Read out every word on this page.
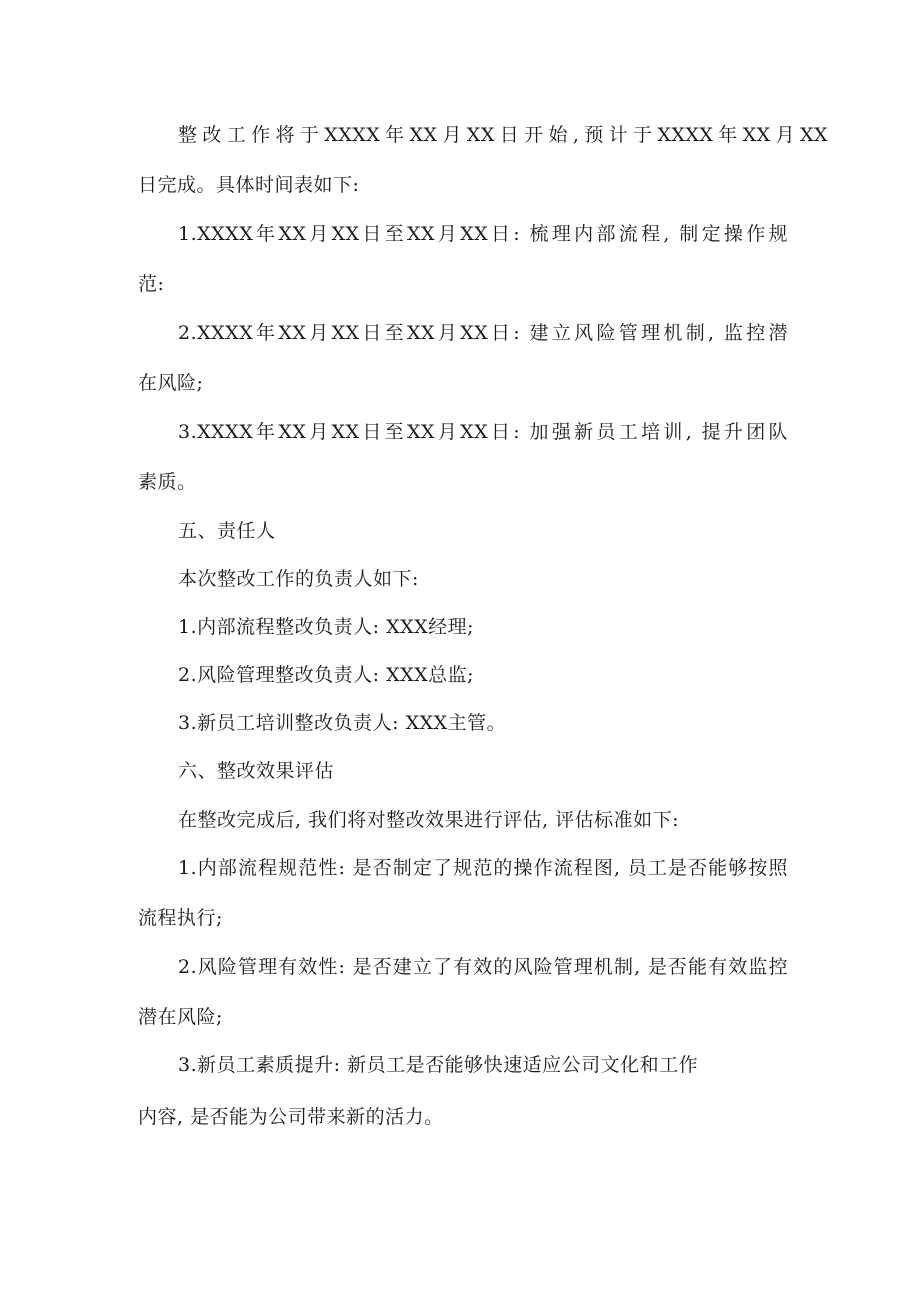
整改工作将于XXXX年XX月XX日开始,预计于XXXX年XX月XX
日完成。具体时间表如下:
1.XXXX年XX月XX日至XX月XX日: 梳理内部流程, 制定操作规
范:
2.XXXX年XX月XX日至XX月XX日: 建立风险管理机制, 监控潜
在风险;
3.XXXX年XX月XX日至XX月XX日: 加强新员工培训, 提升团队
素质。
五、责任人
本次整改工作的负责人如下:
1.内部流程整改负责人: XXX经理;
2.风险管理整改负责人: XXX总监;
3.新员工培训整改负责人: XXX主管。
六、整改效果评估
在整改完成后, 我们将对整改效果进行评估, 评估标准如下:
1.内部流程规范性: 是否制定了规范的操作流程图, 员工是否能够按照
流程执行;
2.风险管理有效性: 是否建立了有效的风险管理机制, 是否能有效监控
潜在风险;
3.新员工素质提升: 新员工是否能够快速适应公司文化和工作
内容, 是否能为公司带来新的活力。
